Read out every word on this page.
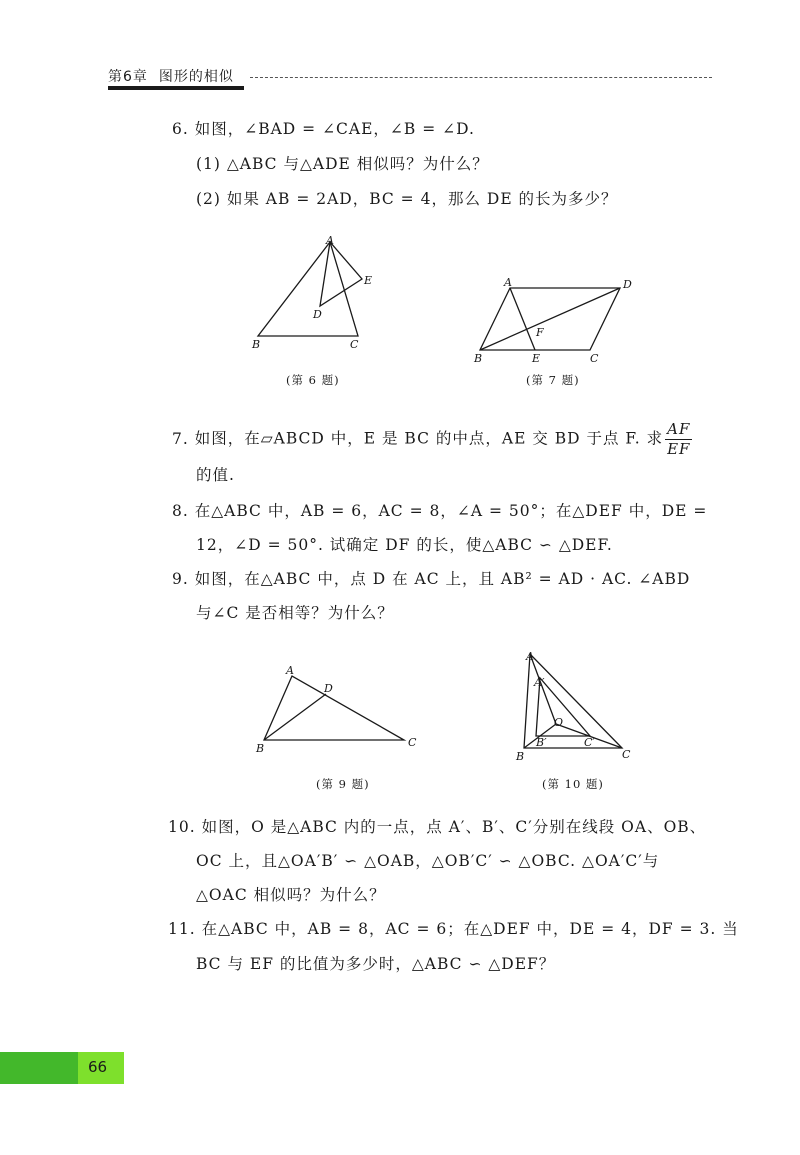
第6章 图形的相似
6. 如图，∠BAD = ∠CAE，∠B = ∠D.
(1) △ABC 与△ADE 相似吗？为什么？
(2) 如果 AB = 2AD，BC = 4，那么 DE 的长为多少？
A
B	C
D
E
(第 6 题)
A	D
B	C
E
F
(第 7 题)
7. 如图，在▱ABCD 中，E 是 BC 的中点，AE 交 BD 于点 F. 求 $\frac{AF}{EF}$
的值.
8. 在△ABC 中，AB = 6，AC = 8，∠A = 50°；在△DEF 中，DE =
12，∠D = 50°. 试确定 DF 的长，使△ABC ∽ △DEF.
9. 如图，在△ABC 中，点 D 在 AC 上，且 AB² = AD · AC. ∠ABD
与∠C 是否相等？为什么？
A
D
B	C
(第 9 题)
A
A′
O
B′	C′
B	C
(第 10 题)
10. 如图，O 是△ABC 内的一点，点 A′、B′、C′分别在线段 OA、OB、
OC 上，且△OA′B′ ∽ △OAB，△OB′C′ ∽ △OBC. △OA′C′与
△OAC 相似吗？为什么？
11. 在△ABC 中，AB = 8，AC = 6；在△DEF 中，DE = 4，DF = 3. 当
BC 与 EF 的比值为多少时，△ABC ∽ △DEF？
66
